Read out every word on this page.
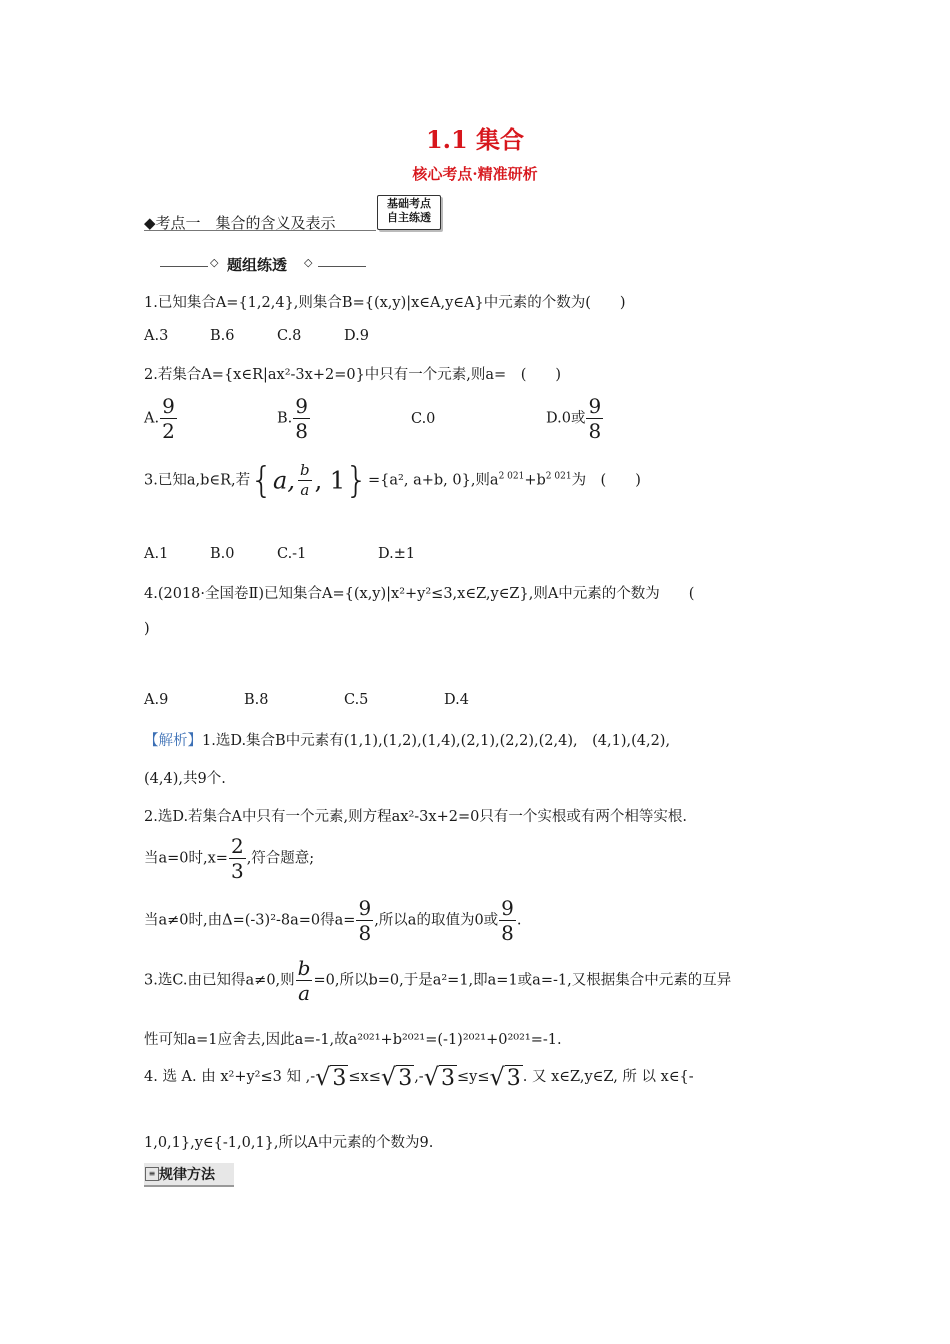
1.1 集合
核心考点·精准研析
◆考点一　集合的含义及表示
基础考点
自主练透
◇ 题组练透 ◇
1.已知集合A={1,2,4},则集合B={(x,y)|x∈A,y∈A}中元素的个数为(　　)
A.3	B.6	C.8	D.9
2.若集合A={x∈R|ax²-3x+2=0}中只有一个元素,则a=　(　　)
A. $\frac{9}{2}$	B. $\frac{9}{8}$	C.0	D.0或 $\frac{9}{8}$
3.已知a,b∈R,若{a, $\frac{b}{a}$ , 1}={a², a+b, 0},则$a^{2 021}+b^{2 021}$为　(　　)
A.1	B.0	C.-1	D.±1
4.(2018·全国卷Ⅱ)已知集合A={(x,y)|x²+y²≤3,x∈Z,y∈Z},则A中元素的个数为　　(
)
A.9	B.8	C.5	D.4
【解析】1.选D.集合B中元素有(1,1),(1,2),(1,4),(2,1),(2,2),(2,4),　(4,1),(4,2),
(4,4),共9个.
2.选D.若集合A中只有一个元素,则方程ax²-3x+2=0只有一个实根或有两个相等实根.
当a=0时$,x= \frac{2}{3}$ ,符合题意;
当a≠0时,由Δ=(-3)²-8a=0得$a= \frac{9}{8}$ ,所以a的取值为0或 $\frac{9}{8}$ .
3.选C.由已知得a≠0,则 $\frac{b}{a} =0$,所以b=0,于是a²=1,即a=1或a=-1,又根据集合中元素的互异
性可知a=1应舍去,因此a=-1,故a²⁰²¹+b²⁰²¹=(-1)²⁰²¹+0²⁰²¹=-1.
4. 选 A. 由 x²+y²≤3 知 ,-√3 ≤x≤√3 ,-√3 ≤y≤√3 . 又 x∈Z,y∈Z, 所 以 x∈{-
1,0,1},y∈{-1,0,1},所以A中元素的个数为9.
≡ 规律方法
